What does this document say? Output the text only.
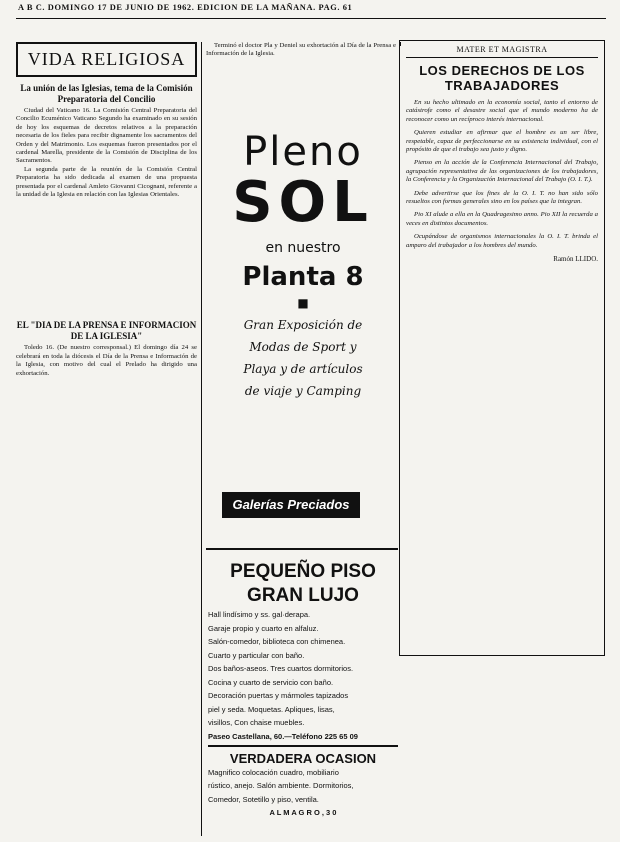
A B C. DOMINGO 17 DE JUNIO DE 1962. EDICION DE LA MAÑANA. PAG. 61
VIDA RELIGIOSA
La unión de las Iglesias, tema de la Comisión Preparatoria del Concilio

Ciudad del Vaticano 16. La Comisión Central Preparatoria del Concilio Ecuménico Vaticano Segundo ha examinado en su sesión de hoy los esquemas de decretos relativos a la preparación necesaria de los fieles para recibir dignamente los sacramentos del Orden y del Matrimonio. Los esquemas fueron presentados por el cardenal Marella, presidente de la Comisión de Disciplina de los Sacramentos.

La segunda parte de la reunión de la Comisión Central Preparatoria ha sido dedicada al examen de una propuesta presentada por el cardenal Amleto Giovanni Cicognani, referente a la unidad de la Iglesia en relación con las Iglesias Orientales.

EL "DIA DE LA PRENSA E INFORMACION DE LA IGLESIA"

Toledo 16. (De nuestro corresponsal.) El domingo día 24 se celebrará en toda la diócesis el Día de la Prensa e Información de la Iglesia, con motivo del cual el Prelado ha dirigido una exhortación.

Terminó el doctor Pla y Deniel su exhortación al Día de la Prensa e Información de la Iglesia.

Pleno
SOL
en nuestro
Planta 8
■
Gran Exposición de
Modas de Sport y
Playa y de artículos
de viaje y Camping
Galerías Preciados
PEQUEÑO PISO
GRAN LUJO
Hall lindísimo y ss. gal·derapa.
Garaje propio y cuarto en alfaluz.
Salón-comedor, biblioteca con chimenea.
Cuarto y particular con baño.
Dos baños-aseos. Tres cuartos dormitorios.
Cocina y cuarto de servicio con baño.
Decoración puertas y mármoles tapizados
piel y seda. Moquetas. Apliques, lisas,
visillos, Con chaise muebles.
Paseo Castellana, 60.—Teléfono 225 65 09
VERDADERA OCASION
Magnifico colocación cuadro, mobiliario
rústico, anejo. Salón ambiente. Dormitorios,
Comedor, Sotetillo y piso, ventila.
A L M A G R O , 3 0
MATER ET MAGISTRA
LOS DERECHOS DE LOS TRABAJADORES

En su hecho ultimado en la economía social, tanto el entorno de catástrofe como el desastre social que el mundo moderno ha de reconocer como un recíproco interés internacional.

Quieren estudiar en afirmar que el hombre es un ser libre, respetable, capaz de perfeccionarse en su existencia individual, con el propósito de que el trabajo sea justo y digno.

Pienso en la acción de la Conferencia Internacional del Trabajo, agrupación representativa de las organizaciones de los trabajadores, la Conferencia y la Organización Internacional del Trabajo (O. I. T.).

Debe advertirse que los fines de la O. I. T. no han sido sólo resueltos con formas generales sino en los países que la integran.

Pio XI alude a ella en la Quadragesimo anno. Pio XII la recuerda a veces en distintos documentos.

Ocupándose de organismos internacionales la O. I. T. brinda el amparo del trabajador a los hombres del mundo.

Ramón LLIDO.
